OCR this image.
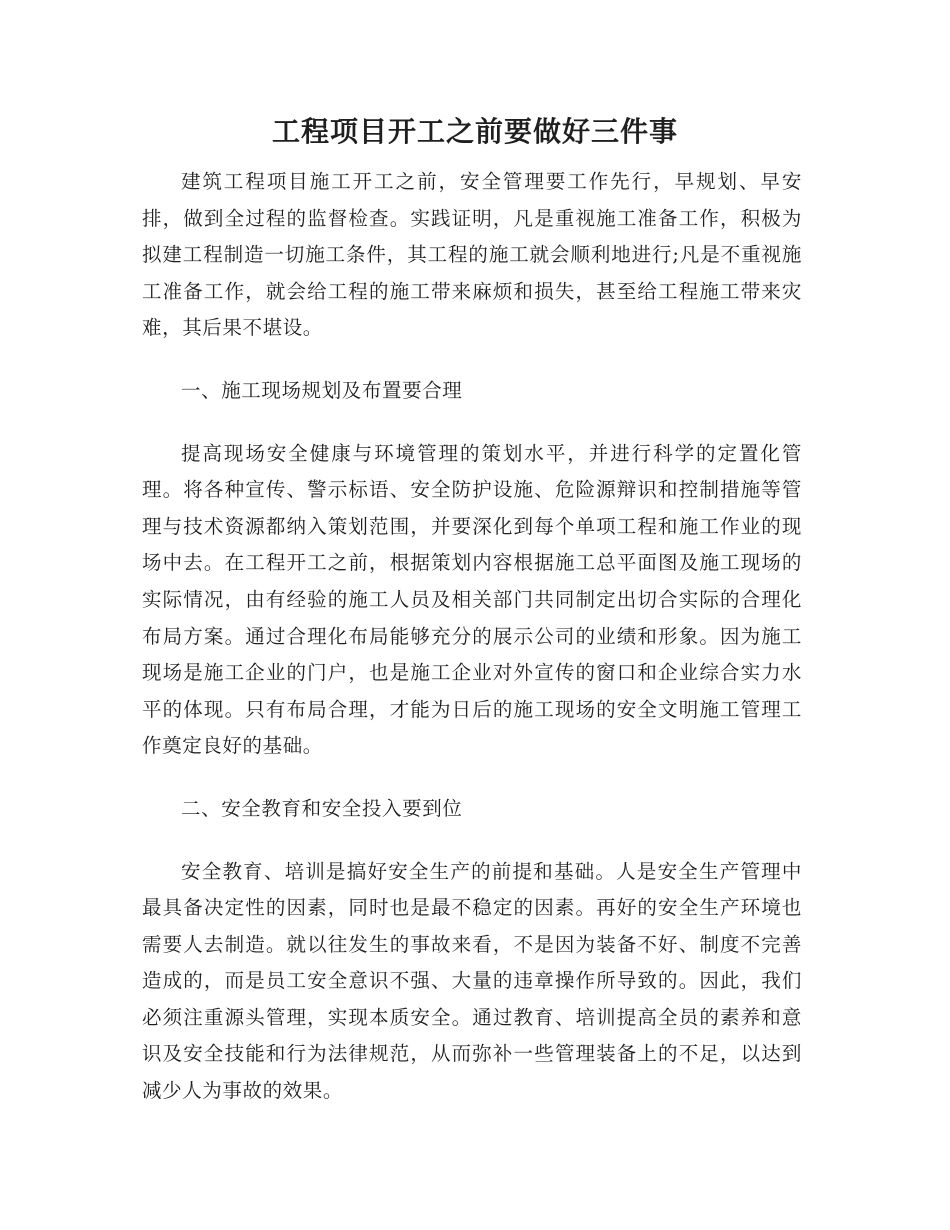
工程项目开工之前要做好三件事

建筑工程项目施工开工之前，安全管理要工作先行，早规划、早安排，做到全过程的监督检查。实践证明，凡是重视施工准备工作，积极为拟建工程制造一切施工条件，其工程的施工就会顺利地进行;凡是不重视施工准备工作，就会给工程的施工带来麻烦和损失，甚至给工程施工带来灾难，其后果不堪设。

一、施工现场规划及布置要合理

提高现场安全健康与环境管理的策划水平，并进行科学的定置化管理。将各种宣传、警示标语、安全防护设施、危险源辩识和控制措施等管理与技术资源都纳入策划范围，并要深化到每个单项工程和施工作业的现场中去。在工程开工之前，根据策划内容根据施工总平面图及施工现场的实际情况，由有经验的施工人员及相关部门共同制定出切合实际的合理化布局方案。通过合理化布局能够充分的展示公司的业绩和形象。因为施工现场是施工企业的门户，也是施工企业对外宣传的窗口和企业综合实力水平的体现。只有布局合理，才能为日后的施工现场的安全文明施工管理工作奠定良好的基础。

二、安全教育和安全投入要到位

安全教育、培训是搞好安全生产的前提和基础。人是安全生产管理中最具备决定性的因素，同时也是最不稳定的因素。再好的安全生产环境也需要人去制造。就以往发生的事故来看，不是因为装备不好、制度不完善造成的，而是员工安全意识不强、大量的违章操作所导致的。因此，我们必须注重源头管理，实现本质安全。通过教育、培训提高全员的素养和意识及安全技能和行为法律规范，从而弥补一些管理装备上的不足，以达到减少人为事故的效果。
